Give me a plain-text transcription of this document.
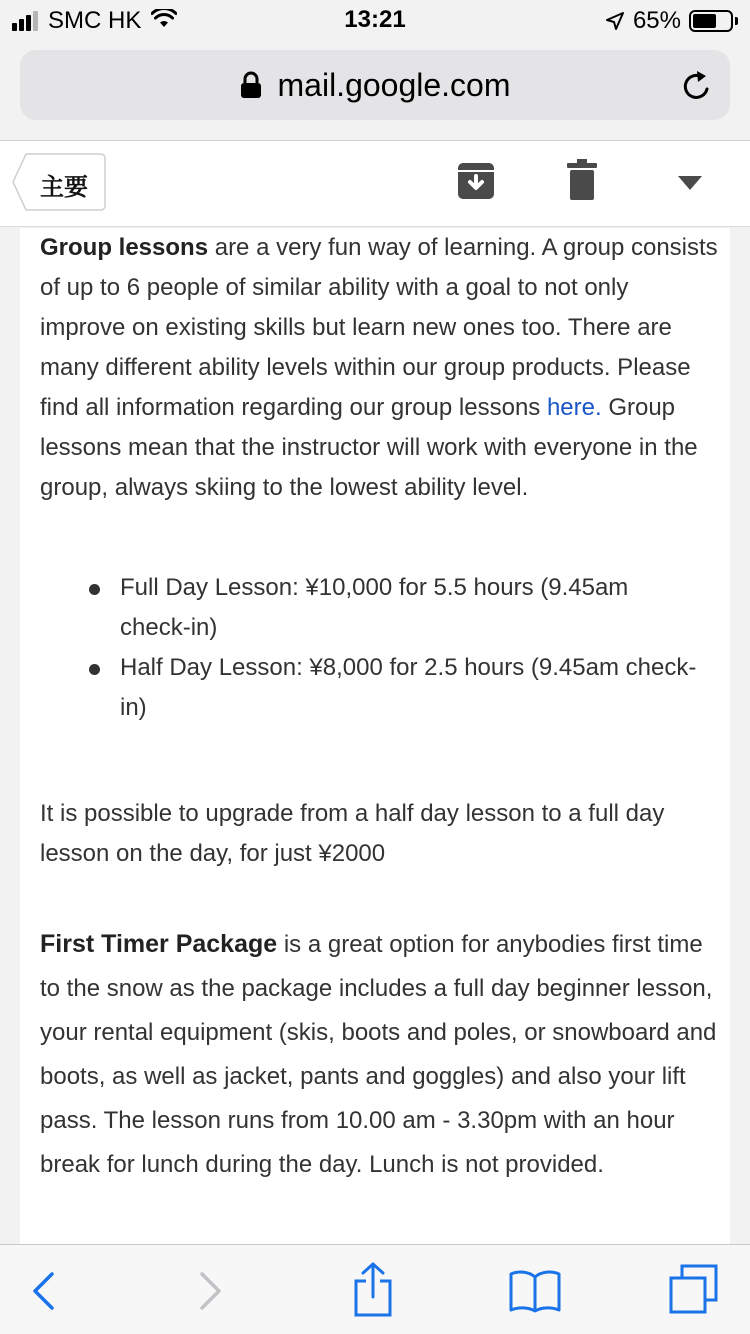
SMC HK	13:21	65%
mail.google.com
主要

Group lessons are a very fun way of learning. A group consists of up to 6 people of similar ability with a goal to not only improve on existing skills but learn new ones too. There are many different ability levels within our group products. Please find all information regarding our group lessons here. Group lessons mean that the instructor will work with everyone in the group, always skiing to the lowest ability level.

Full Day Lesson: ¥10,000 for 5.5 hours (9.45am check-in)
Half Day Lesson: ¥8,000 for 2.5 hours (9.45am check-in)

It is possible to upgrade from a half day lesson to a full day lesson on the day, for just ¥2000

First Timer Package is a great option for anybodies first time to the snow as the package includes a full day beginner lesson, your rental equipment (skis, boots and poles, or snowboard and boots, as well as jacket, pants and goggles) and also your lift pass. The lesson runs from 10.00 am - 3.30pm with an hour break for lunch during the day. Lunch is not provided.
